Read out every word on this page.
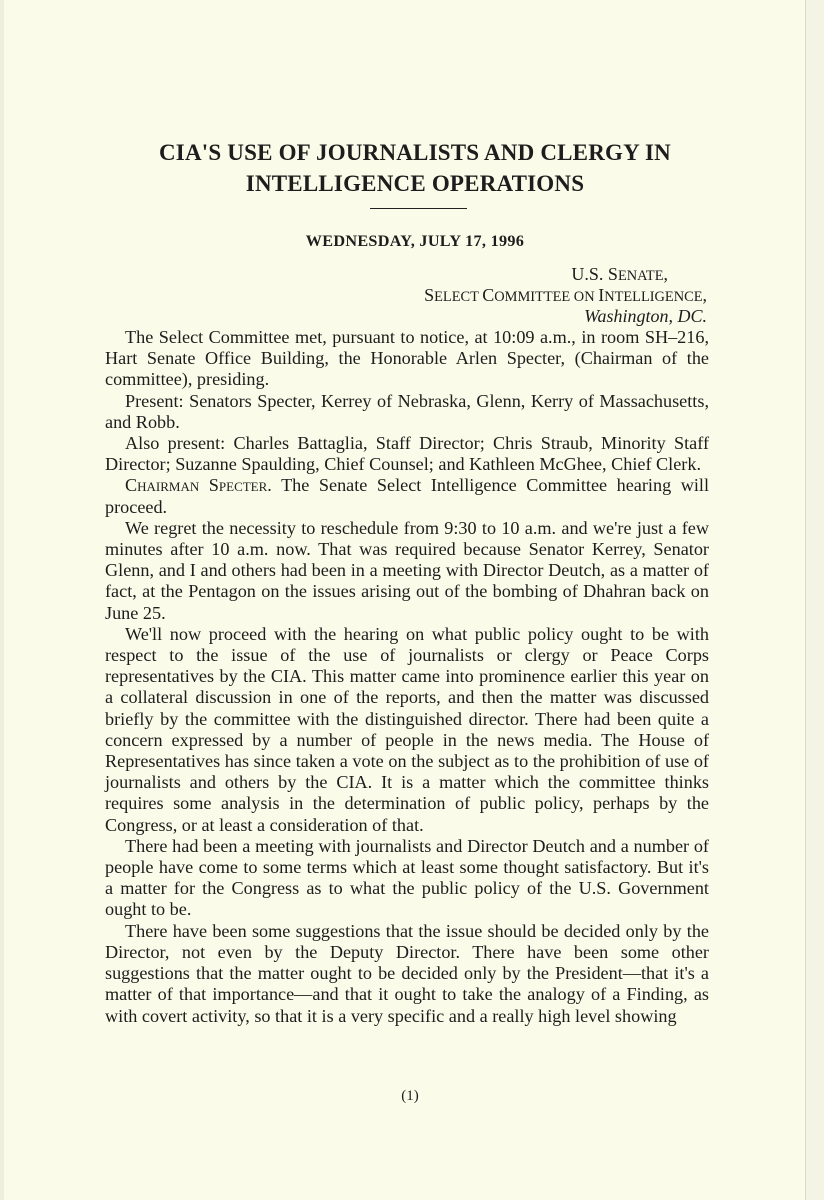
CIA'S USE OF JOURNALISTS AND CLERGY IN INTELLIGENCE OPERATIONS
WEDNESDAY, JULY 17, 1996
U.S. SENATE,
SELECT COMMITTEE ON INTELLIGENCE,
Washington, DC.

The Select Committee met, pursuant to notice, at 10:09 a.m., in room SH–216, Hart Senate Office Building, the Honorable Arlen Specter, (Chairman of the committee), presiding.

Present: Senators Specter, Kerrey of Nebraska, Glenn, Kerry of Massachusetts, and Robb.

Also present: Charles Battaglia, Staff Director; Chris Straub, Minority Staff Director; Suzanne Spaulding, Chief Counsel; and Kathleen McGhee, Chief Clerk.

Chairman Specter. The Senate Select Intelligence Committee hearing will proceed.

We regret the necessity to reschedule from 9:30 to 10 a.m. and we're just a few minutes after 10 a.m. now. That was required because Senator Kerrey, Senator Glenn, and I and others had been in a meeting with Director Deutch, as a matter of fact, at the Pentagon on the issues arising out of the bombing of Dhahran back on June 25.

We'll now proceed with the hearing on what public policy ought to be with respect to the issue of the use of journalists or clergy or Peace Corps representatives by the CIA. This matter came into prominence earlier this year on a collateral discussion in one of the reports, and then the matter was discussed briefly by the committee with the distinguished director. There had been quite a concern expressed by a number of people in the news media. The House of Representatives has since taken a vote on the subject as to the prohibition of use of journalists and others by the CIA. It is a matter which the committee thinks requires some analysis in the determination of public policy, perhaps by the Congress, or at least a consideration of that.

There had been a meeting with journalists and Director Deutch and a number of people have come to some terms which at least some thought satisfactory. But it's a matter for the Congress as to what the public policy of the U.S. Government ought to be.

There have been some suggestions that the issue should be decided only by the Director, not even by the Deputy Director. There have been some other suggestions that the matter ought to be decided only by the President—that it's a matter of that importance—and that it ought to take the analogy of a Finding, as with covert activity, so that it is a very specific and a really high level showing

(1)
